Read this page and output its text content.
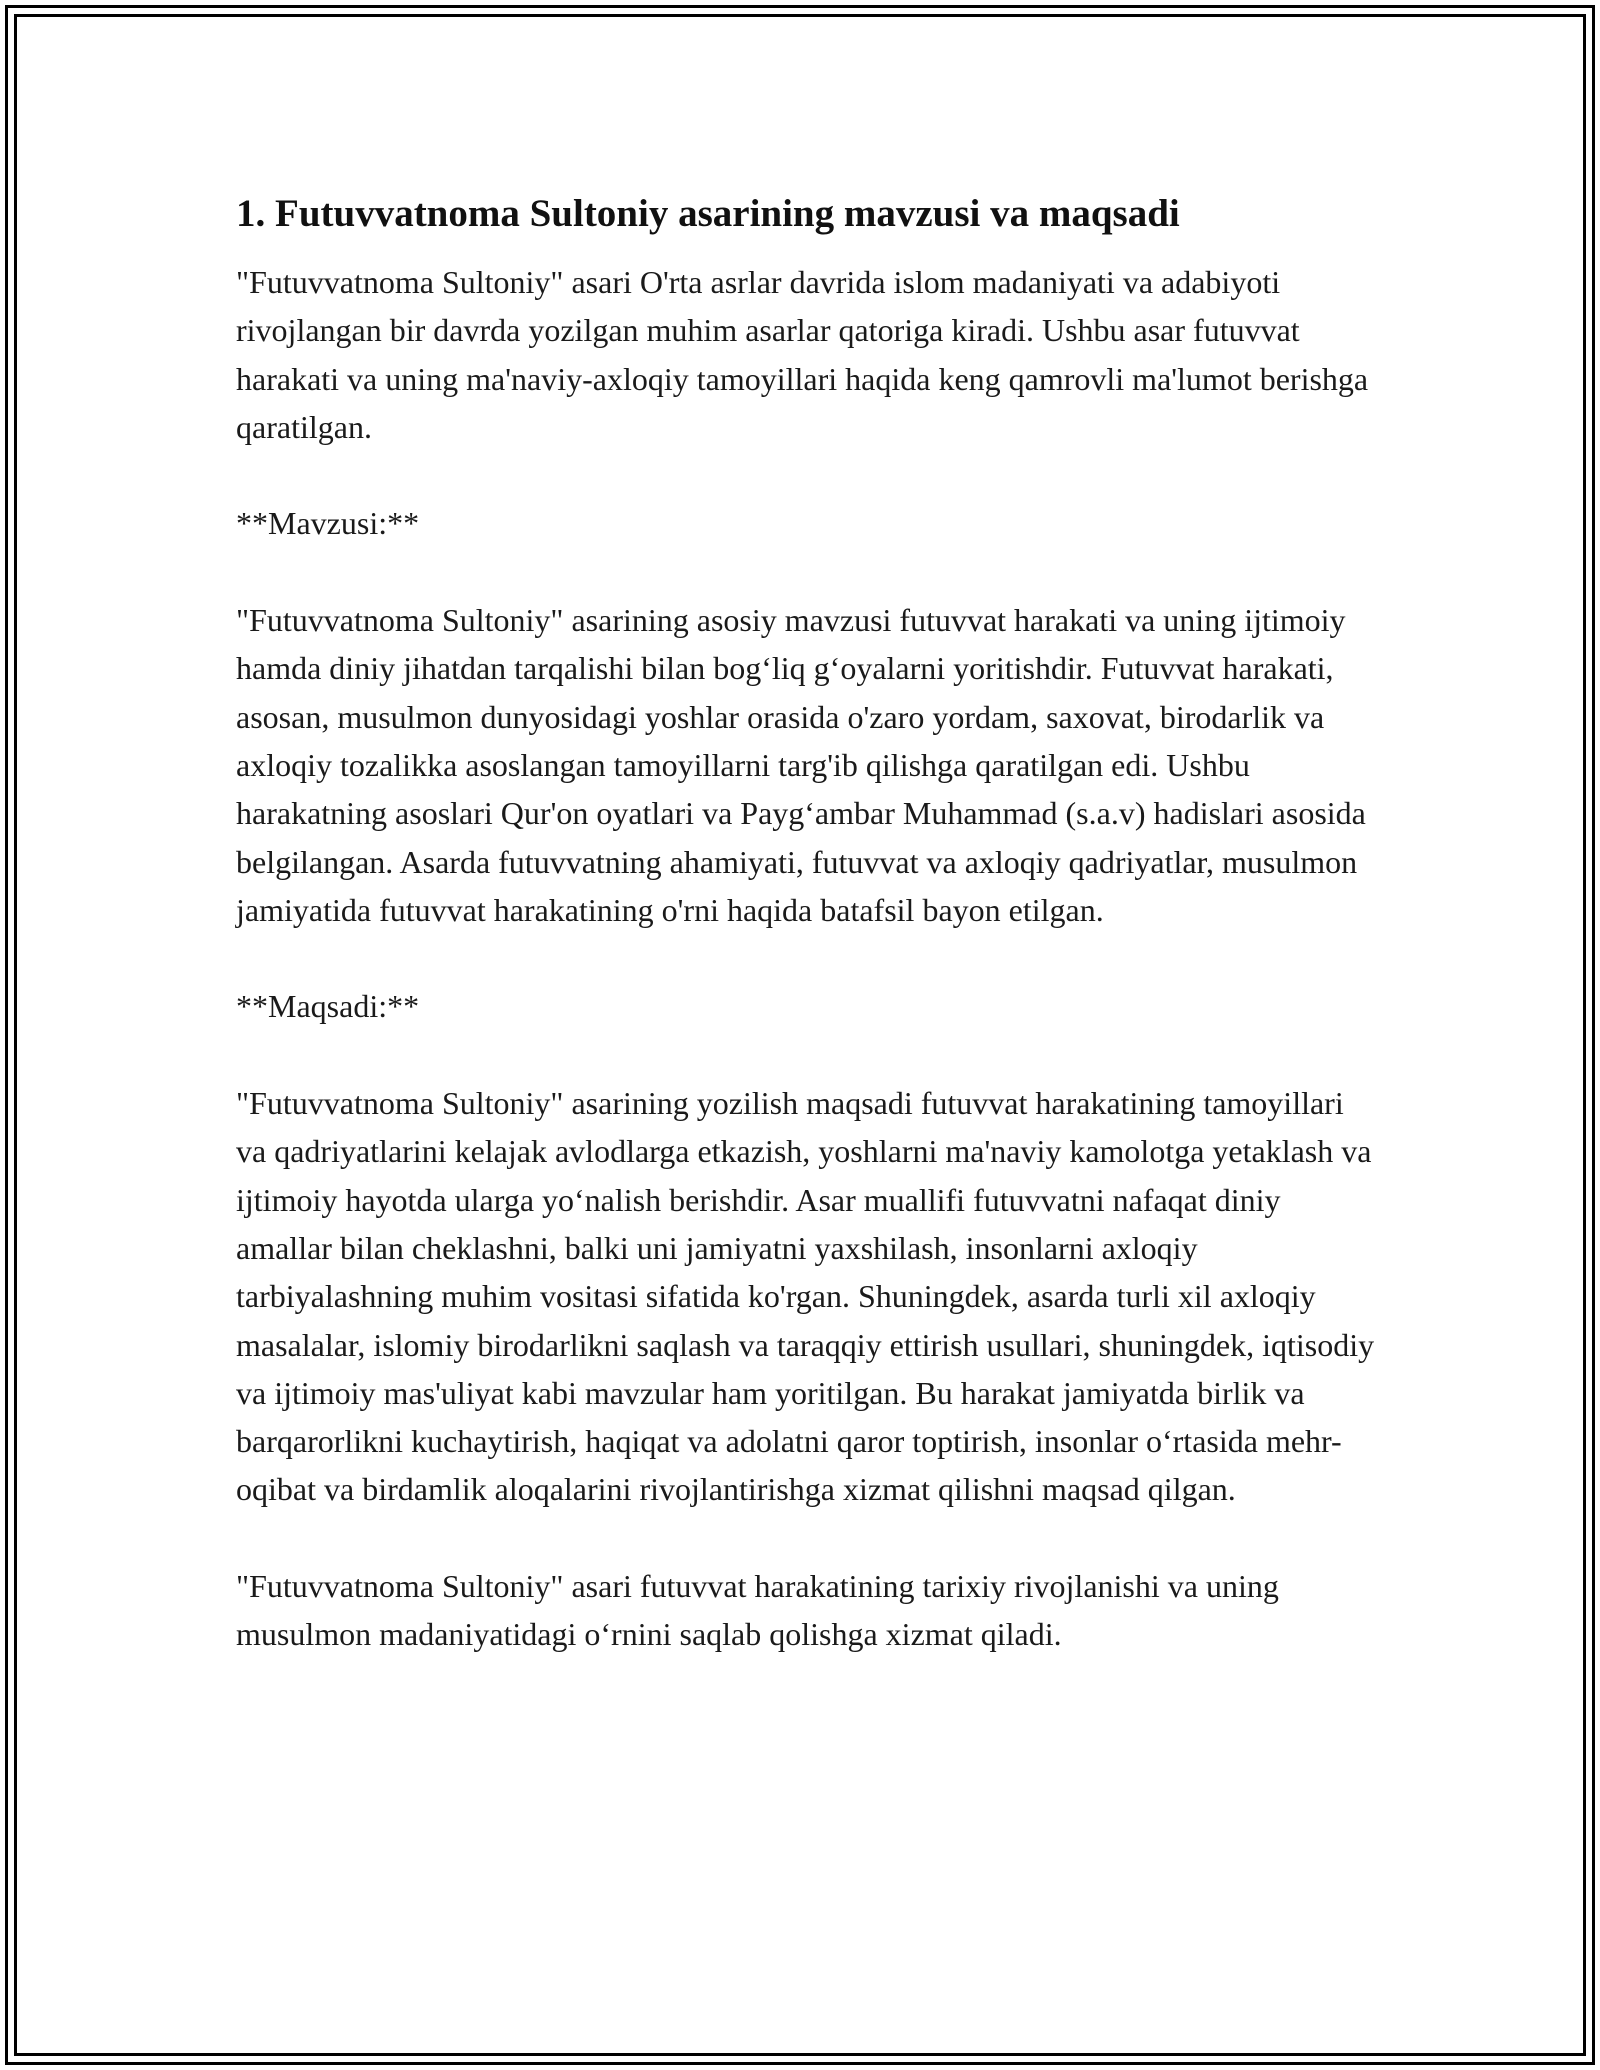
1. Futuvvatnoma Sultoniy asarining mavzusi va maqsadi

"Futuvvatnoma Sultoniy" asari O'rta asrlar davrida islom madaniyati va adabiyoti rivojlangan bir davrda yozilgan muhim asarlar qatoriga kiradi. Ushbu asar futuvvat harakati va uning ma'naviy-axloqiy tamoyillari haqida keng qamrovli ma'lumot berishga qaratilgan.

**Mavzusi:**

"Futuvvatnoma Sultoniy" asarining asosiy mavzusi futuvvat harakati va uning ijtimoiy hamda diniy jihatdan tarqalishi bilan bog‘liq g‘oyalarni yoritishdir. Futuvvat harakati, asosan, musulmon dunyosidagi yoshlar orasida o'zaro yordam, saxovat, birodarlik va axloqiy tozalikka asoslangan tamoyillarni targ'ib qilishga qaratilgan edi. Ushbu harakatning asoslari Qur'on oyatlari va Payg‘ambar Muhammad (s.a.v) hadislari asosida belgilangan. Asarda futuvvatning ahamiyati, futuvvat va axloqiy qadriyatlar, musulmon jamiyatida futuvvat harakatining o'rni haqida batafsil bayon etilgan.

**Maqsadi:**

"Futuvvatnoma Sultoniy" asarining yozilish maqsadi futuvvat harakatining tamoyillari va qadriyatlarini kelajak avlodlarga etkazish, yoshlarni ma'naviy kamolotga yetaklash va ijtimoiy hayotda ularga yo‘nalish berishdir. Asar muallifi futuvvatni nafaqat diniy amallar bilan cheklashni, balki uni jamiyatni yaxshilash, insonlarni axloqiy tarbiyalashning muhim vositasi sifatida ko'rgan. Shuningdek, asarda turli xil axloqiy masalalar, islomiy birodarlikni saqlash va taraqqiy ettirish usullari, shuningdek, iqtisodiy va ijtimoiy mas'uliyat kabi mavzular ham yoritilgan. Bu harakat jamiyatda birlik va barqarorlikni kuchaytirish, haqiqat va adolatni qaror toptirish, insonlar o‘rtasida mehr-oqibat va birdamlik aloqalarini rivojlantirishga xizmat qilishni maqsad qilgan.

"Futuvvatnoma Sultoniy" asari futuvvat harakatining tarixiy rivojlanishi va uning musulmon madaniyatidagi o‘rnini saqlab qolishga xizmat qiladi.
